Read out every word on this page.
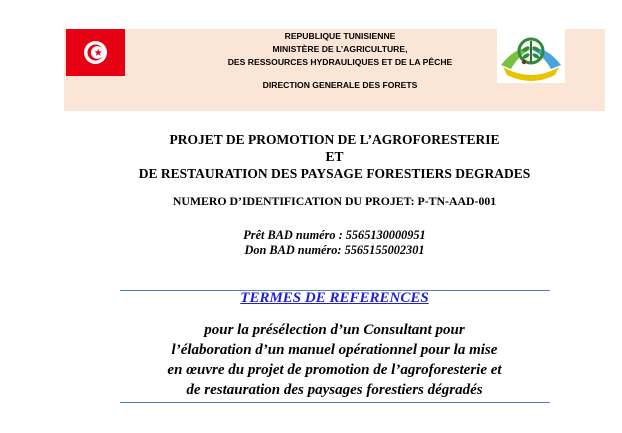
REPUBLIQUE TUNISIENNE
MINISTÈRE DE L’AGRICULTURE,
DES RESSOURCES HYDRAULIQUES ET DE LA PÊCHE
DIRECTION GENERALE DES FORETS
PROJET DE PROMOTION DE L’AGROFORESTERIE
ET
DE RESTAURATION DES PAYSAGE FORESTIERS DEGRADES
NUMERO D’IDENTIFICATION DU PROJET: P-TN-AAD-001
Prêt BAD numéro : 5565130000951
Don BAD numéro: 5565155002301
TERMES DE REFERENCES
pour la présélection d’un Consultant pour
l’élaboration d’un manuel opérationnel pour la mise
en œuvre du projet de promotion de l’agroforesterie et
de restauration des paysages forestiers dégradés
